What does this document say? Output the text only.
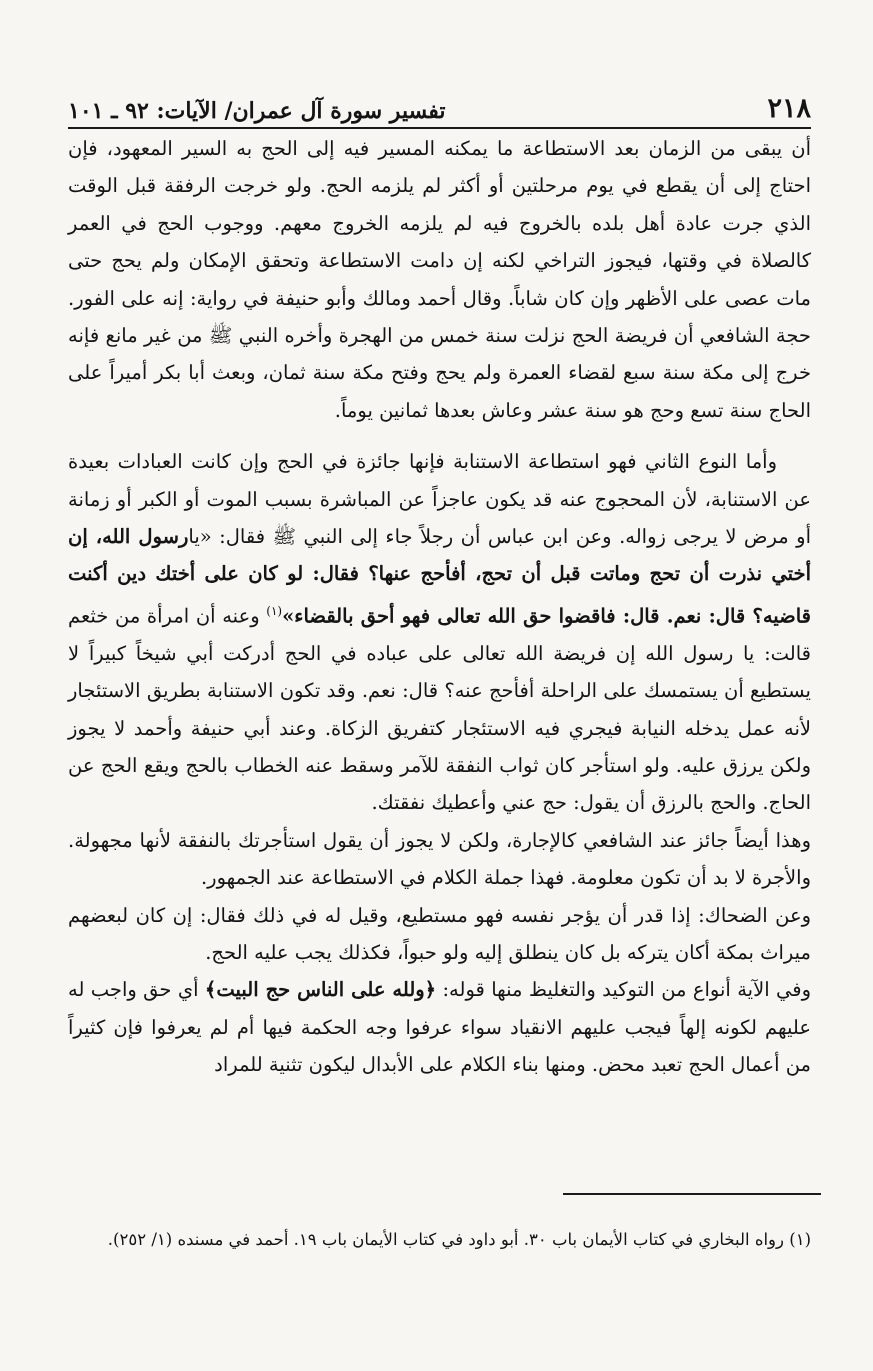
٢١٨
تفسير سورة آل عمران/ الآيات: ٩٢ ـ ١٠١

أن يبقى من الزمان بعد الاستطاعة ما يمكنه المسير فيه إلى الحج به السير المعهود، فإن احتاج إلى أن يقطع في يوم مرحلتين أو أكثر لم يلزمه الحج. ولو خرجت الرفقة قبل الوقت الذي جرت عادة أهل بلده بالخروج فيه لم يلزمه الخروج معهم. ووجوب الحج في العمر كالصلاة في وقتها، فيجوز التراخي لكنه إن دامت الاستطاعة وتحقق الإمكان ولم يحج حتى مات عصى على الأظهر وإن كان شاباً. وقال أحمد ومالك وأبو حنيفة في رواية: إنه على الفور. حجة الشافعي أن فريضة الحج نزلت سنة خمس من الهجرة وأخره النبي ﷺ من غير مانع فإنه خرج إلى مكة سنة سبع لقضاء العمرة ولم يحج وفتح مكة سنة ثمان، وبعث أبا بكر أميراً على الحاج سنة تسع وحج هو سنة عشر وعاش بعدها ثمانين يوماً.

وأما النوع الثاني فهو استطاعة الاستنابة فإنها جائزة في الحج وإن كانت العبادات بعيدة عن الاستنابة، لأن المحجوج عنه قد يكون عاجزاً عن المباشرة بسبب الموت أو الكبر أو زمانة أو مرض لا يرجى زواله. وعن ابن عباس أن رجلاً جاء إلى النبي ﷺ فقال: «يارسول الله، إن أختي نذرت أن تحج وماتت قبل أن تحج، أفأحج عنها؟ فقال: لو كان على أختك دين أكنت قاضيه؟ قال: نعم. قال: فاقضوا حق الله تعالى فهو أحق بالقضاء»$^{(١)}$ وعنه أن امرأة من خثعم قالت: يا رسول الله إن فريضة الله تعالى على عباده في الحج أدركت أبي شيخاً كبيراً لا يستطيع أن يستمسك على الراحلة أفأحج عنه؟ قال: نعم. وقد تكون الاستنابة بطريق الاستئجار لأنه عمل يدخله النيابة فيجري فيه الاستئجار كتفريق الزكاة. وعند أبي حنيفة وأحمد لا يجوز ولكن يرزق عليه. ولو استأجر كان ثواب النفقة للآمر وسقط عنه الخطاب بالحج ويقع الحج عن الحاج. والحج بالرزق أن يقول: حج عني وأعطيك نفقتك.

وهذا أيضاً جائز عند الشافعي كالإجارة، ولكن لا يجوز أن يقول استأجرتك بالنفقة لأنها مجهولة. والأجرة لا بد أن تكون معلومة. فهذا جملة الكلام في الاستطاعة عند الجمهور.

وعن الضحاك: إذا قدر أن يؤجر نفسه فهو مستطيع، وقيل له في ذلك فقال: إن كان لبعضهم ميراث بمكة أكان يتركه بل كان ينطلق إليه ولو حبواً، فكذلك يجب عليه الحج.

وفي الآية أنواع من التوكيد والتغليظ منها قوله: ﴿ولله على الناس حج البيت﴾ أي حق واجب له عليهم لكونه إلهاً فيجب عليهم الانقياد سواء عرفوا وجه الحكمة فيها أم لم يعرفوا فإن كثيراً من أعمال الحج تعبد محض. ومنها بناء الكلام على الأبدال ليكون تثنية للمراد

(١) رواه البخاري في كتاب الأيمان باب ٣٠. أبو داود في كتاب الأيمان باب ١٩. أحمد في مسنده (١/ ٢٥٢).
